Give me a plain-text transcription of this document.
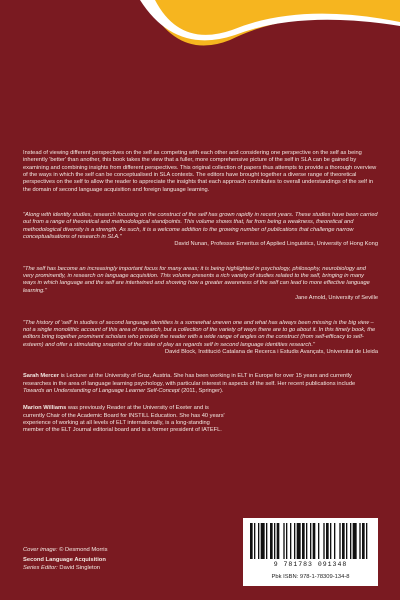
Instead of viewing different perspectives on the self as competing with each other and considering one perspective on the self as being inherently 'better' than another, this book takes the view that a fuller, more comprehensive picture of the self in SLA can be gained by examining and combining insights from different perspectives. This original collection of papers thus attempts to provide a thorough overview of the ways in which the self can be conceptualised in SLA contexts. The editors have brought together a diverse range of theoretical perspectives on the self to allow the reader to appreciate the insights that each approach contributes to overall understandings of the self in the domain of second language acquisition and foreign language learning.

"Along with identity studies, research focusing on the construct of the self has grown rapidly in recent years. These studies have been carried out from a range of theoretical and methodological standpoints. This volume shows that, far from being a weakness, theoretical and methodological diversity is a strength. As such, it is a welcome addition to the growing number of publications that challenge narrow conceptualisations of research in SLA."

David Nunan, Professor Emeritus of Applied Linguistics, University of Hong Kong

"The self has become an increasingly important focus for many areas; it is being highlighted in psychology, philosophy, neurobiology and very prominently, in research on language acquisition. This volume presents a rich variety of studies related to the self, bringing in many ways in which language and the self are intertwined and showing how a greater awareness of the self can lead to more effective language learning."

Jane Arnold, University of Seville

"The history of 'self' in studies of second language identities is a somewhat uneven one and what has always been missing is the big view – not a single monolithic account of this area of research, but a collection of the variety of ways there are to go about it. In this timely book, the editors bring together prominent scholars who provide the reader with a wide range of angles on the construct (from self-efficacy to self-esteem) and offer a stimulating snapshot of the state of play as regards self in second language identities research."

David Block, Institució Catalana de Recerca i Estudis Avançats, Universitat de Lleida

Sarah Mercer is Lecturer at the University of Graz, Austria. She has been working in ELT in Europe for over 15 years and currently researches in the area of language learning psychology, with particular interest in aspects of the self. Her recent publications include Towards an Understanding of Language Learner Self-Concept (2011, Springer).

Marion Williams was previously Reader at the University of Exeter and is currently Chair of the Academic Board for INSTILL Education. She has 40 years' experience of working at all levels of ELT internationally, is a long-standing member of the ELT Journal editorial board and is a former president of IATEFL.

Cover image: © Desmond Morris
Second Language Acquisition
Series Editor: David Singleton	9 781783 091348
Pbk ISBN: 978-1-78309-134-8
